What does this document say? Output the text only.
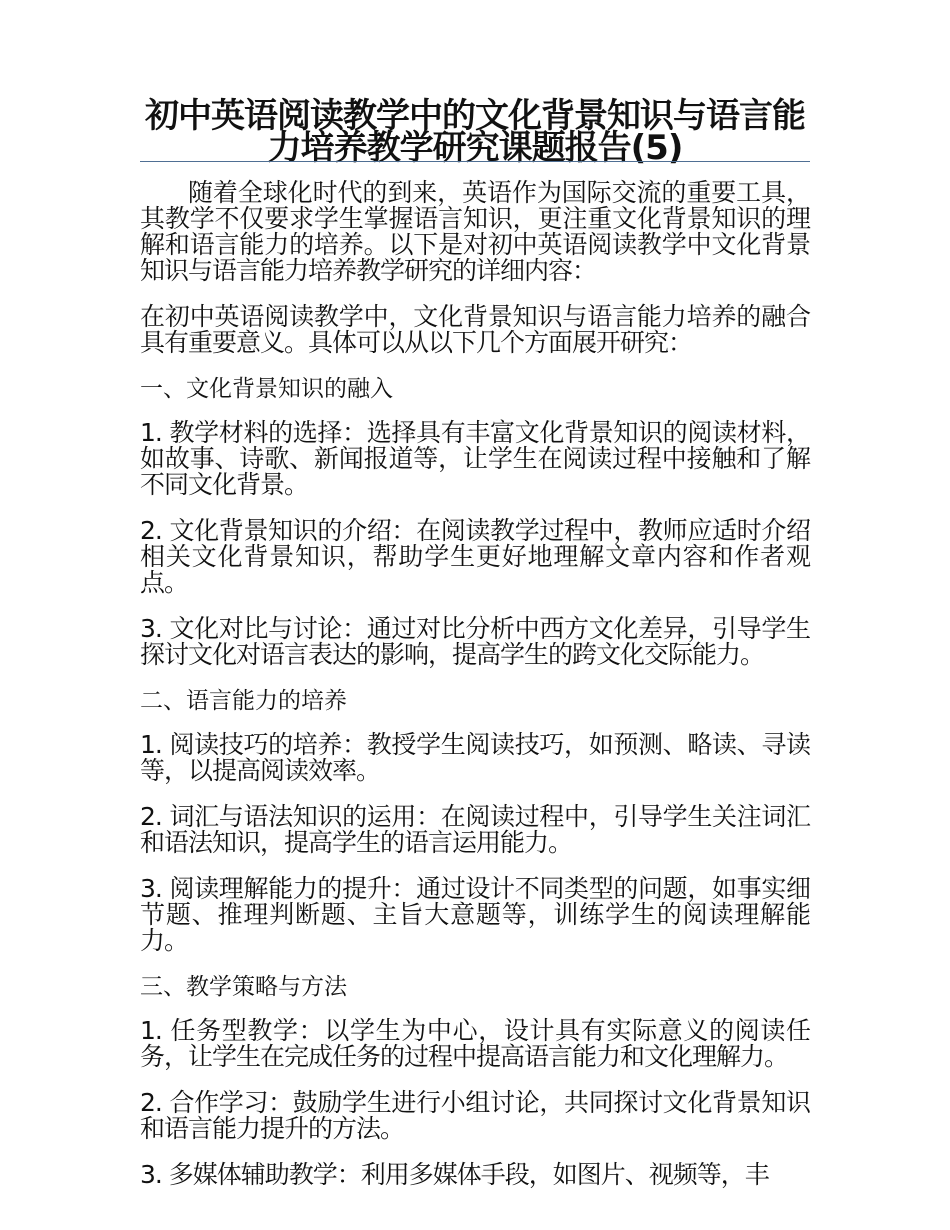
初中英语阅读教学中的文化背景知识与语言能力培养教学研究课题报告(5)

随着全球化时代的到来，英语作为国际交流的重要工具，其教学不仅要求学生掌握语言知识，更注重文化背景知识的理解和语言能力的培养。以下是对初中英语阅读教学中文化背景知识与语言能力培养教学研究的详细内容：

在初中英语阅读教学中，文化背景知识与语言能力培养的融合具有重要意义。具体可以从以下几个方面展开研究：

一、文化背景知识的融入

1. 教学材料的选择：选择具有丰富文化背景知识的阅读材料，如故事、诗歌、新闻报道等，让学生在阅读过程中接触和了解不同文化背景。

2. 文化背景知识的介绍：在阅读教学过程中，教师应适时介绍相关文化背景知识，帮助学生更好地理解文章内容和作者观点。

3. 文化对比与讨论：通过对比分析中西方文化差异，引导学生探讨文化对语言表达的影响，提高学生的跨文化交际能力。

二、语言能力的培养

1. 阅读技巧的培养：教授学生阅读技巧，如预测、略读、寻读等，以提高阅读效率。

2. 词汇与语法知识的运用：在阅读过程中，引导学生关注词汇和语法知识，提高学生的语言运用能力。

3. 阅读理解能力的提升：通过设计不同类型的问题，如事实细节题、推理判断题、主旨大意题等，训练学生的阅读理解能力。

三、教学策略与方法

1. 任务型教学：以学生为中心，设计具有实际意义的阅读任务，让学生在完成任务的过程中提高语言能力和文化理解力。

2. 合作学习：鼓励学生进行小组讨论，共同探讨文化背景知识和语言能力提升的方法。

3. 多媒体辅助教学：利用多媒体手段，如图片、视频等，丰
